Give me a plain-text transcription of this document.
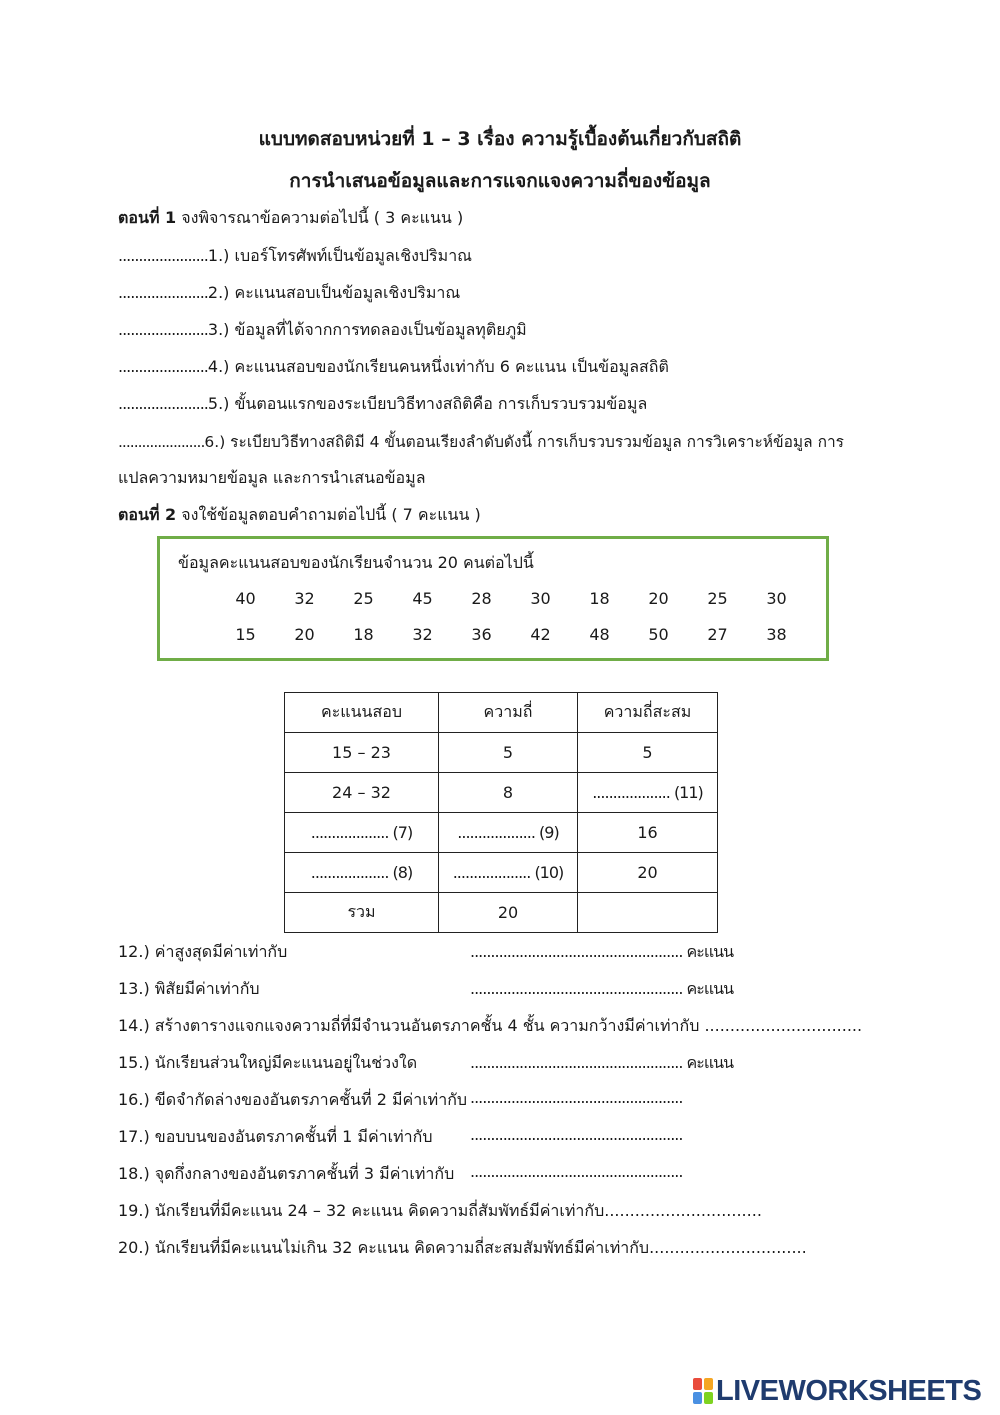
แบบทดสอบหน่วยที่ 1 – 3 เรื่อง ความรู้เบื้องต้นเกี่ยวกับสถิติ
การนำเสนอข้อมูลและการแจกแจงความถี่ของข้อมูล
ตอนที่ 1 จงพิจารณาข้อความต่อไปนี้ ( 3 คะแนน )
......................1.) เบอร์โทรศัพท์เป็นข้อมูลเชิงปริมาณ
......................2.) คะแนนสอบเป็นข้อมูลเชิงปริมาณ
......................3.) ข้อมูลที่ได้จากการทดลองเป็นข้อมูลทุติยภูมิ
......................4.) คะแนนสอบของนักเรียนคนหนึ่งเท่ากับ 6 คะแนน เป็นข้อมูลสถิติ
......................5.) ขั้นตอนแรกของระเบียบวิธีทางสถิติคือ การเก็บรวบรวมข้อมูล
......................6.) ระเบียบวิธีทางสถิติมี 4 ขั้นตอนเรียงลำดับดังนี้ การเก็บรวบรวมข้อมูล การวิเคราะห์ข้อมูล การ
แปลความหมายข้อมูล และการนำเสนอข้อมูล
ตอนที่ 2 จงใช้ข้อมูลตอบคำถามต่อไปนี้ ( 7 คะแนน )
ข้อมูลคะแนนสอบของนักเรียนจำนวน 20 คนต่อไปนี้
40	32	25	45	28	30	18	20	25	30
15	20	18	32	36	42	48	50	27	38
คะแนนสอบ	ความถี่	ความถี่สะสม
15 – 23	5	5
24 – 32	8	................... (11)
................... (7)	................... (9)	16
................... (8)	................... (10)	20
รวม	20	
12.) ค่าสูงสุดมีค่าเท่ากับ	.................................................... คะแนน
13.) พิสัยมีค่าเท่ากับ	.................................................... คะแนน
14.) สร้างตารางแจกแจงความถี่ที่มีจำนวนอันตรภาคชั้น 4 ชั้น ความกว้างมีค่าเท่ากับ ...............................
15.) นักเรียนส่วนใหญ่มีคะแนนอยู่ในช่วงใด	.................................................... คะแนน
16.) ขีดจำกัดล่างของอันตรภาคชั้นที่ 2 มีค่าเท่ากับ ....................................................
17.) ขอบบนของอันตรภาคชั้นที่ 1 มีค่าเท่ากับ ....................................................
18.) จุดกึ่งกลางของอันตรภาคชั้นที่ 3 มีค่าเท่ากับ ....................................................
19.) นักเรียนที่มีคะแนน 24 – 32 คะแนน คิดความถี่สัมพัทธ์มีค่าเท่ากับ...............................
20.) นักเรียนที่มีคะแนนไม่เกิน 32 คะแนน คิดความถี่สะสมสัมพัทธ์มีค่าเท่ากับ...............................
LIVEWORKSHEETS
